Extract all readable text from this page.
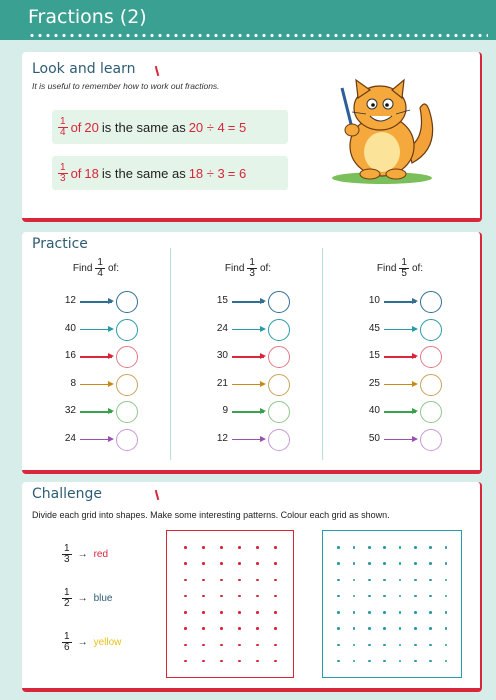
Fractions (2)
Look and learn
It is useful to remember how to work out fractions.
$\frac{1}{4}$ of 20 is the same as 20 ÷ 4 = 5
$\frac{1}{3}$ of 18 is the same as 18 ÷ 3 = 6
Practice
Find $\frac{1}{4}$ of:
12
40
16
8
32
24
Find $\frac{1}{3}$ of:
15
24
30
21
9
12
Find $\frac{1}{5}$ of:
10
45
15
25
40
50
Challenge
Divide each grid into shapes. Make some interesting patterns. Colour each grid as shown.
$\frac{1}{3}$ → red
$\frac{1}{2}$ → blue
$\frac{1}{6}$ → yellow
